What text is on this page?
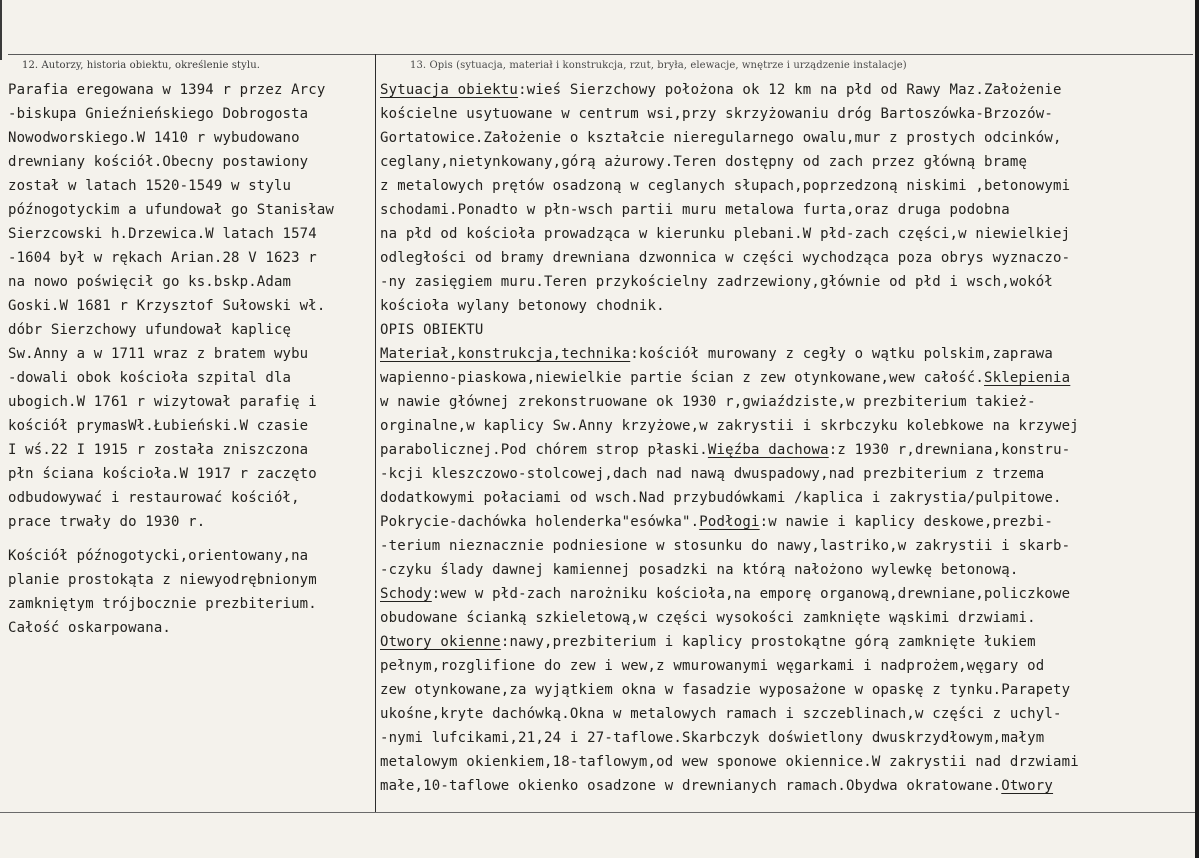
12. Autorzy, historia obiektu, określenie stylu.	13. Opis (sytuacja, materiał i konstrukcja, rzut, bryła, elewacje, wnętrze i urządzenie instalacje)
Parafia eregowana w 1394 r przez Arcy
-biskupa Gnieźnieńskiego Dobrogosta
Nowodworskiego.W 1410 r wybudowano
drewniany kościół.Obecny postawiony
został w latach 1520-1549 w stylu
późnogotyckim a ufundował go Stanisław
Sierzcowski h.Drzewica.W latach 1574
-1604 był w rękach Arian.28 V 1623 r
na nowo poświęcił go ks.bskp.Adam
Goski.W 1681 r Krzysztof Sułowski wł.
dóbr Sierzchowy ufundował kaplicę
Sw.Anny a w 1711 wraz z bratem wybu
-dowali obok kościoła szpital dla
ubogich.W 1761 r wizytował parafię i
kościół prymasWł.Łubieński.W czasie
I wś.22 I 1915 r została zniszczona
płn ściana kościoła.W 1917 r zaczęto
odbudowywać i restaurować kościół,
prace trwały do 1930 r.
Kościół późnogotycki,orientowany,na
planie prostokąta z niewyodrębnionym
zamkniętym trójbocznie prezbiterium.
Całość oskarpowana.
Sytuacja obiektu:wieś Sierzchowy położona ok 12 km na płd od Rawy Maz.Założenie
kościelne usytuowane w centrum wsi,przy skrzyżowaniu dróg Bartoszówka-Brzozów-
Gortatowice.Założenie o kształcie nieregularnego owalu,mur z prostych odcinków,
ceglany,nietynkowany,górą ażurowy.Teren dostępny od zach przez główną bramę
z metalowych prętów osadzoną w ceglanych słupach,poprzedzoną niskimi ,betonowymi
schodami.Ponadto w płn-wsch partii muru metalowa furta,oraz druga podobna
na płd od kościoła prowadząca w kierunku plebani.W płd-zach części,w niewielkiej
odległości od bramy drewniana dzwonnica w części wychodząca poza obrys wyznaczo-
-ny zasięgiem muru.Teren przykościelny zadrzewiony,głównie od płd i wsch,wokół
kościoła wylany betonowy chodnik.
OPIS OBIEKTU
Materiał,konstrukcja,technika:kościół murowany z cegły o wątku polskim,zaprawa
wapienno-piaskowa,niewielkie partie ścian z zew otynkowane,wew całość.Sklepienia
w nawie głównej zrekonstruowane ok 1930 r,gwiaździste,w prezbiterium takież-
orginalne,w kaplicy Sw.Anny krzyżowe,w zakrystii i skrbczyku kolebkowe na krzywej
parabolicznej.Pod chórem strop płaski.Więźba dachowa:z 1930 r,drewniana,konstru-
-kcji kleszczowo-stolcowej,dach nad nawą dwuspadowy,nad prezbiterium z trzema
dodatkowymi połaciami od wsch.Nad przybudówkami /kaplica i zakrystia/pulpitowe.
Pokrycie-dachówka holenderka"esówka".Podłogi:w nawie i kaplicy deskowe,prezbi-
-terium nieznacznie podniesione w stosunku do nawy,lastriko,w zakrystii i skarb-
-czyku ślady dawnej kamiennej posadzki na którą nałożono wylewkę betonową.
Schody:wew w płd-zach narożniku kościoła,na emporę organową,drewniane,policzkowe
obudowane ścianką szkieletową,w części wysokości zamknięte wąskimi drzwiami.
Otwory okienne:nawy,prezbiterium i kaplicy prostokątne górą zamknięte łukiem
pełnym,rozglifione do zew i wew,z wmurowanymi węgarkami i nadprożem,węgary od
zew otynkowane,za wyjątkiem okna w fasadzie wyposażone w opaskę z tynku.Parapety
ukośne,kryte dachówką.Okna w metalowych ramach i szczeblinach,w części z uchyl-
-nymi lufcikami,21,24 i 27-taflowe.Skarbczyk doświetlony dwuskrzydłowym,małym
metalowym okienkiem,18-taflowym,od wew sponowe okiennice.W zakrystii nad drzwiami
małe,10-taflowe okienko osadzone w drewnianych ramach.Obydwa okratowane.Otwory
